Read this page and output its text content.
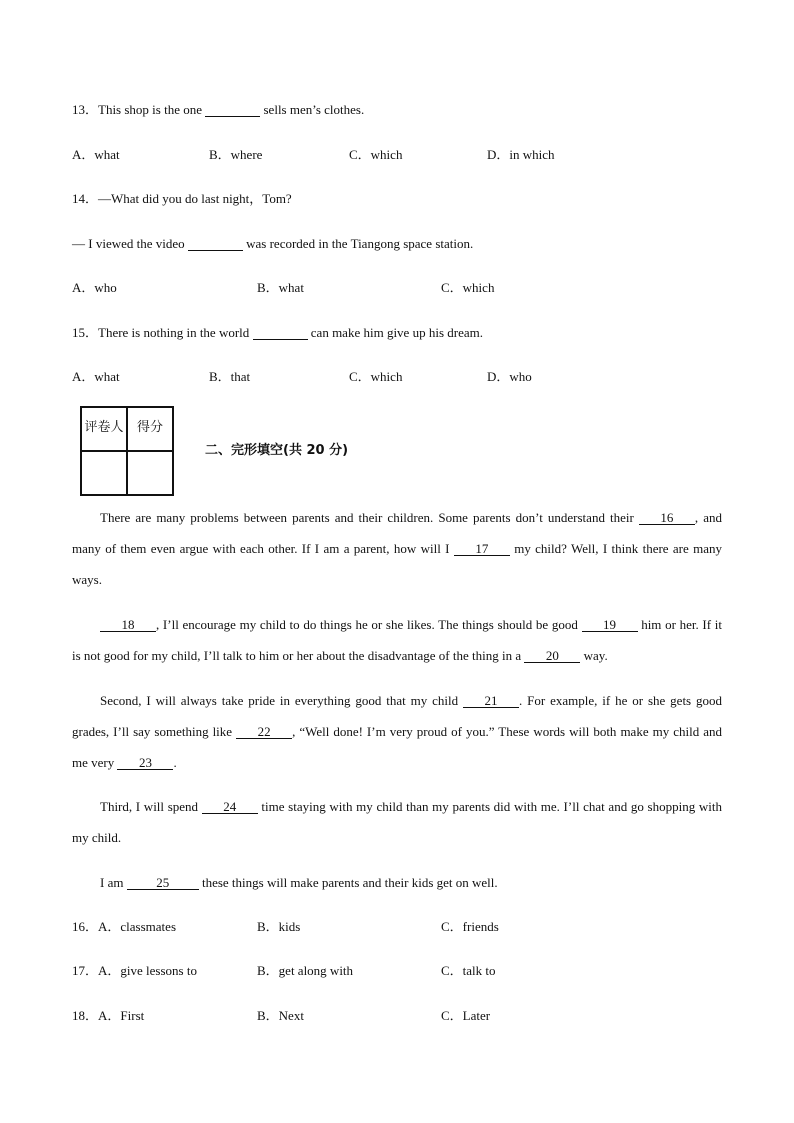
13．This shop is the one	sells men’s clothes.
A．what	B．where	C．which	D．in which
14．—What did you do last night，Tom?
— I viewed the video	was recorded in the Tiangong space station.
A．who	B．what	C．which
15．There is nothing in the world	can make him give up his dream.
A．what	B．that	C．which	D．who
评卷人	得分

二、完形填空(共 20 分)
There are many problems between parents and their children. Some parents don’t understand their 16 , and many of them even argue with each other. If I am a parent, how will I 17 my child? Well, I think there are many ways.
18 , I’ll encourage my child to do things he or she likes. The things should be good 19 him or her. If it is not good for my child, I’ll talk to him or her about the disadvantage of the thing in a 20 way.
Second, I will always take pride in everything good that my child 21 . For example, if he or she gets good grades, I’ll say something like 22 , “Well done! I’m very proud of you.” These words will both make my child and me very 23 .
Third, I will spend 24 time staying with my child than my parents did with me. I’ll chat and go shopping with my child.
I am 25 these things will make parents and their kids get on well.
16．A．classmates	B．kids	C．friends
17．A．give lessons to	B．get along with	C．talk to
18．A．First	B．Next	C．Later
